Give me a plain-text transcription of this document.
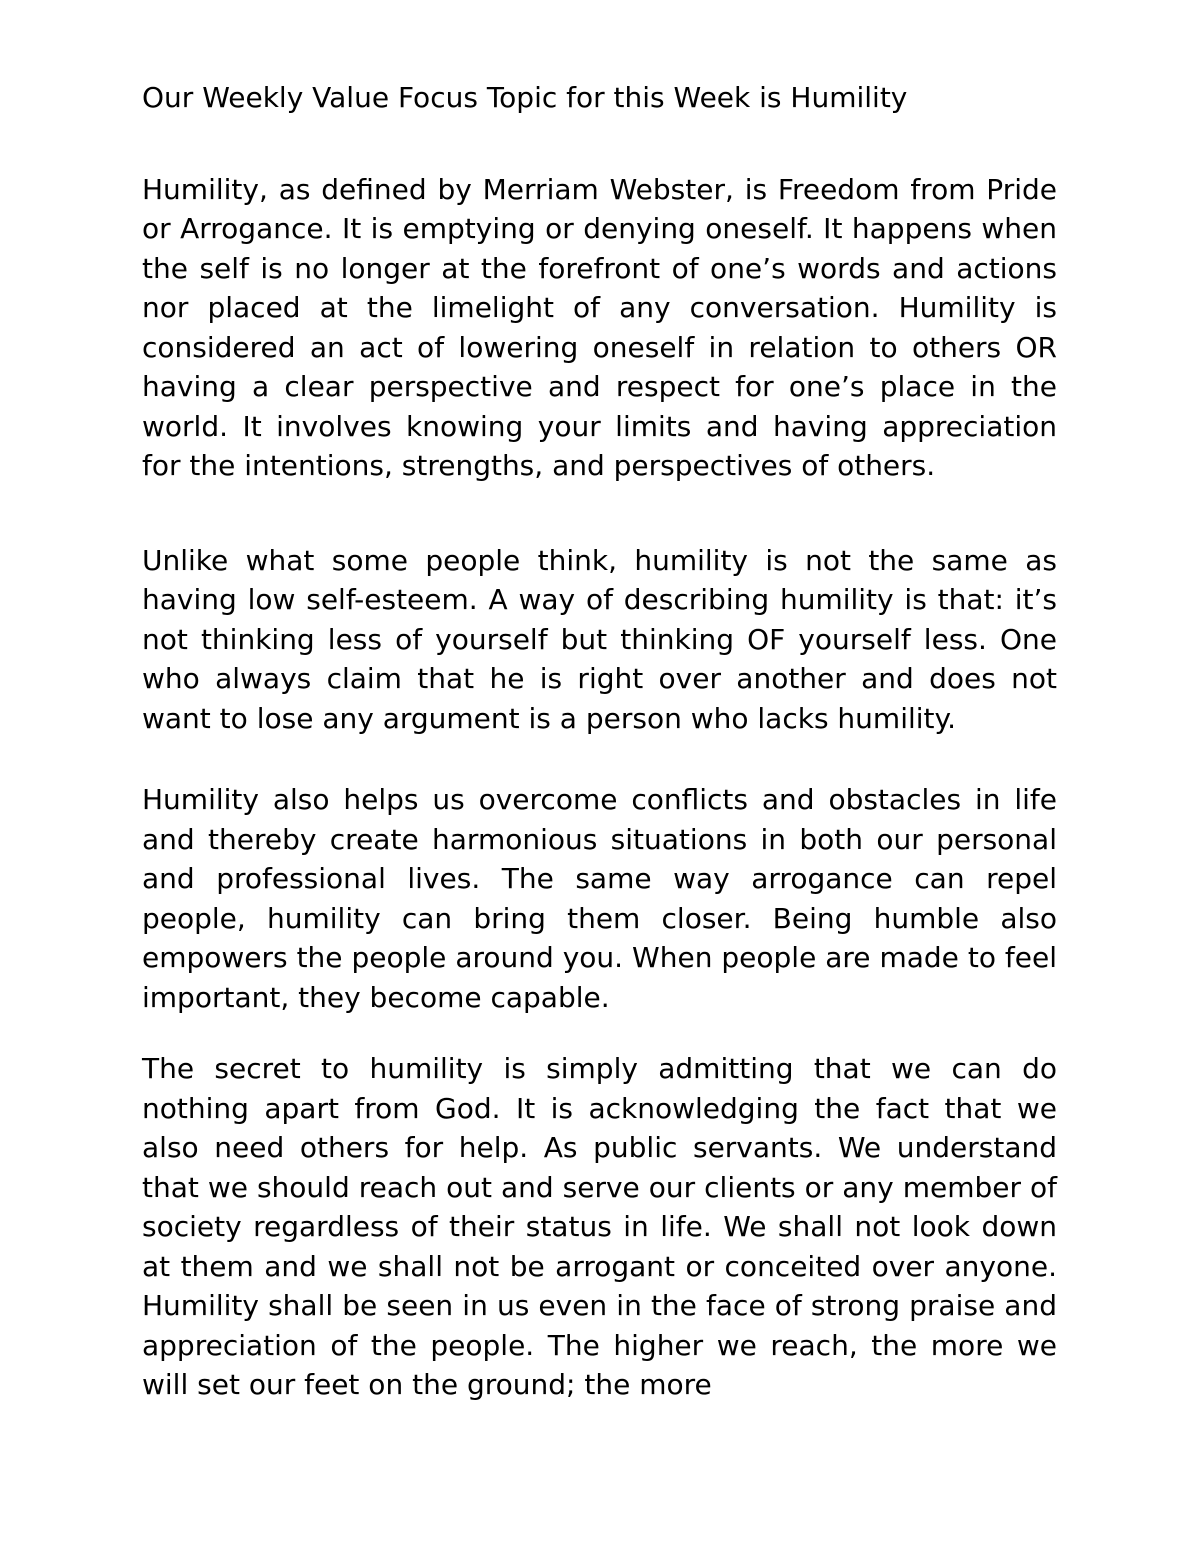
Our Weekly Value Focus Topic for this Week is Humility

Humility, as defined by Merriam Webster, is Freedom from Pride or Arrogance. It is emptying or denying oneself. It happens when the self is no longer at the forefront of one’s words and actions nor placed at the limelight of any conversation. Humility is considered an act of lowering oneself in relation to others OR having a clear perspective and respect for one’s place in the world. It involves knowing your limits and having appreciation for the intentions, strengths, and perspectives of others.

Unlike what some people think, humility is not the same as having low self-esteem. A way of describing humility is that: it’s not thinking less of yourself but thinking OF yourself less. One who always claim that he is right over another and does not want to lose any argument is a person who lacks humility.

Humility also helps us overcome conflicts and obstacles in life and thereby create harmonious situations in both our personal and professional lives. The same way arrogance can repel people, humility can bring them closer. Being humble also empowers the people around you. When people are made to feel important, they become capable.

The secret to humility is simply admitting that we can do nothing apart from God. It is acknowledging the fact that we also need others for help. As public servants. We understand that we should reach out and serve our clients or any member of society regardless of their status in life. We shall not look down at them and we shall not be arrogant or conceited over anyone. Humility shall be seen in us even in the face of strong praise and appreciation of the people. The higher we reach, the more we will set our feet on the ground; the more
